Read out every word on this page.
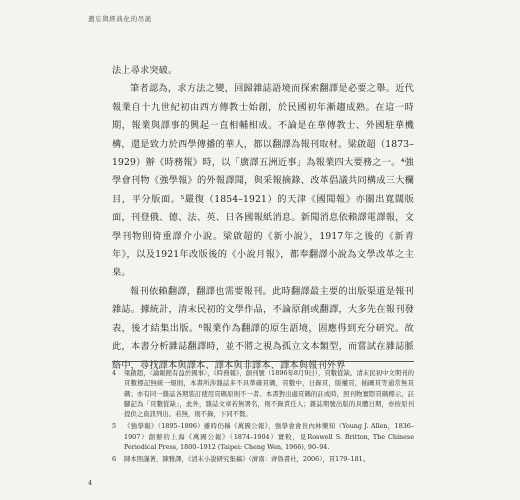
遺忘與經典化的吊詭

法上尋求突破。

筆者認為，求方法之變，回歸雜誌語境而探索翻譯是必要之舉。近代報業自十九世紀初由西方傳教士始創，於民國初年漸趨成熟。在這一時期，報業與譯事的興起一直相輔相成。不論是在華傳教士、外國駐華機構，還是致力於西學傳播的華人，都以翻譯為報刊取材。梁啟超（1873–1929）辦《時務報》時，以「廣譯五洲近事」為報業四大要務之一。⁴強學會刊物《強學報》的外報譯聞，與采報摘錄、改革倡議共同構成三大欄目，平分版面。⁵嚴復（1854–1921）的天津《國聞報》亦關出寬闊版面，刊登俄、德、法、英、日各國報紙消息。新聞消息依賴譯電譯報，文學刊物則倚重譯介小說。梁啟超的《新小說》，1917年之後的《新青年》，以及1921年改版後的《小說月報》，都奉翻譯小說為文學改革之主臬。

報刊依賴翻譯，翻譯也需要報刊。此時翻譯最主要的出版渠道是報刊雜誌。據統計，清末民初的文學作品，不論原創或翻譯，大多先在報刊發表，後才結集出版。⁶報業作為翻譯的原生語境，固應得到充分研究。故此，本書分析雜誌翻譯時，並不將之視為孤立文本類型，而嘗試在雜誌脈絡中，尋找譯本與譯本、譯本與非譯本、譯本與報刊外界

4	梁啟超，〈論報館有益於國事〉，《時務報》，創刊號（1896年8月9日），頁數從缺。清末民初中文期刊的頁數標記無統一規則，本書所涉雜誌多不具準確頁碼，頁數中，日錄頁，版權頁，插圖頁等通常無頁碼；亦有同一雜誌各期裝訂使用頁碼原則不一者。本書對出處頁碼的註成時，照刊物實際頁碼標示，註腳記為「頁數從缺」，此外，雜誌文章若無署名，則不錄責任人；雜誌期號出版的具體日期，亦按原刊提供之資訊列出。若無，則不錄，下同不贅。
5	《強學報》（1895–1896）雖時仍稱《萬國公報》，強學會會長內林樂知（Young J. Allen，1836–1907）創辦的上海《萬國公報》（1874–1904）實較，見Roswell S. Britton, The Chinese Periodical Press, 1800–1912 (Taipei: Cheng Wen, 1966), 90–94.
6	陳本照謹著，陳雅譯，《清末小說研究集稿》（濟南：齊魯書社，2006），頁179–181。
4
